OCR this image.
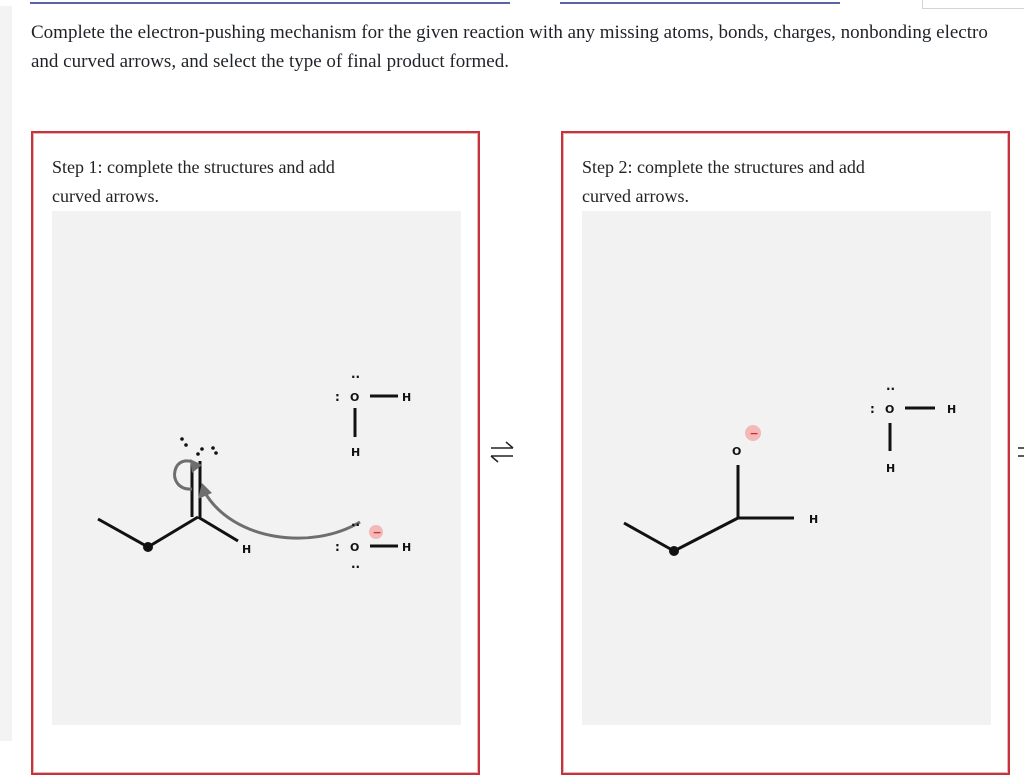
Complete the electron-pushing mechanism for the given reaction with any missing atoms, bonds, charges, nonbonding electro
and curved arrows, and select the type of final product formed.
Step 1: complete the structures and add
curved arrows.
H
:
··
O	H
H
−
:
··
O	H
··
Step 2: complete the structures and add
curved arrows.
O
−
H
:
··
O	H
H
